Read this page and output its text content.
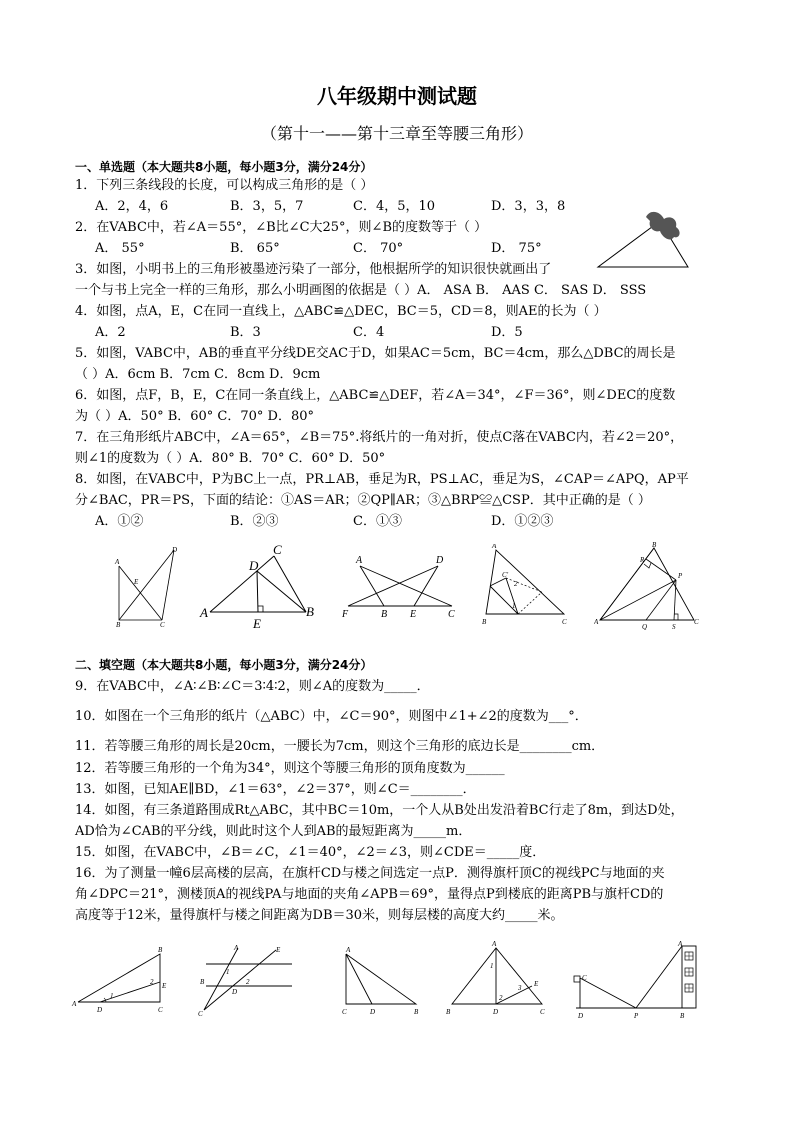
八年级期中测试题
（第十一——第十三章至等腰三角形）
一、单选题（本大题共8小题，每小题3分，满分24分）
1．下列三条线段的长度，可以构成三角形的是（ ）
A．2，4，6	B．3，5，7	C．4，5，10	D．3，3，8
2．在VABC中，若∠A＝55°，∠B比∠C大25°，则∠B的度数等于（ ）
A． 55°	B． 65°	C． 70°	D． 75°
3．如图，小明书上的三角形被墨迹污染了一部分，他根据所学的知识很快就画出了
一个与书上完全一样的三角形，那么小明画图的依据是（ ）A． ASA B． AAS C． SAS D． SSS
4．如图，点A，E，C在同一直线上，△ABC≌△DEC，BC＝5，CD＝8，则AE的长为（ ）
A．2	B．3	C．4	D．5
5．如图，VABC中，AB的垂直平分线DE交AC于D，如果AC＝5cm，BC＝4cm，那么△DBC的周长是
（ ）A．6cm B．7cm C．8cm D．9cm
6．如图，点F，B，E，C在同一条直线上，△ABC≌△DEF，若∠A＝34°，∠F＝36°，则∠DEC的度数
为（ ）A．50° B．60° C．70° D．80°
7．在三角形纸片ABC中，∠A＝65°，∠B＝75°.将纸片的一角对折，使点C落在VABC内，若∠2＝20°，
则∠1的度数为（ ）A．80° B．70° C．60° D．50°
8．如图，在VABC中，P为BC上一点，PR⊥AB，垂足为R，PS⊥AC，垂足为S，∠CAP＝∠APQ，AP平
分∠BAC，PR＝PS，下面的结论：①AS＝AR；②QP∥AR；③△BRP≌△CSP．其中正确的是（ ）
A．①②	B．②③	C．①③	D．①②③
A
E
D
B	C
C
D
A
E
B
A	D
F	B E	C
A
C'
2
1
B	C
B
R
P
A
Q	S
C
二、填空题（本大题共8小题，每小题3分，满分24分）
9．在VABC中，∠A∶∠B∶∠C＝3∶4∶2，则∠A的度数为_____．
10．如图在一个三角形的纸片（△ABC）中，∠C＝90°，则图中∠1+∠2的度数为___°．
11．若等腰三角形的周长是20cm，一腰长为7cm，则这个三角形的底边长是________cm．
12．若等腰三角形的一个角为34°，则这个等腰三角形的顶角度数为______
13．如图，已知AE∥BD，∠1＝63°，∠2＝37°，则∠C＝________．
14．如图，有三条道路围成Rt△ABC，其中BC＝10m，一个人从B处出发沿着BC行走了8m，到达D处，
AD恰为∠CAB的平分线，则此时这个人到AB的最短距离为_____m．
15．如图，在VABC中，∠B＝∠C，∠1＝40°，∠2＝∠3，则∠CDE＝_____度．
16．为了测量一幢6层高楼的层高，在旗杆CD与楼之间选定一点P．测得旗杆顶C的视线PC与地面的夹
角∠DPC＝21°，测楼顶A的视线PA与地面的夹角∠APB＝69°，量得点P到楼底的距离PB与旗杆CD的
高度等于12米，量得旗杆与楼之间距离为DB＝30米，则每层楼的高度大约_____米。
B
2 E
1
A
D	C
A	E
1
2
B
D
C
A
C	D	B
A
1
3 E
2
B	D	C
A
C
D	P	B
